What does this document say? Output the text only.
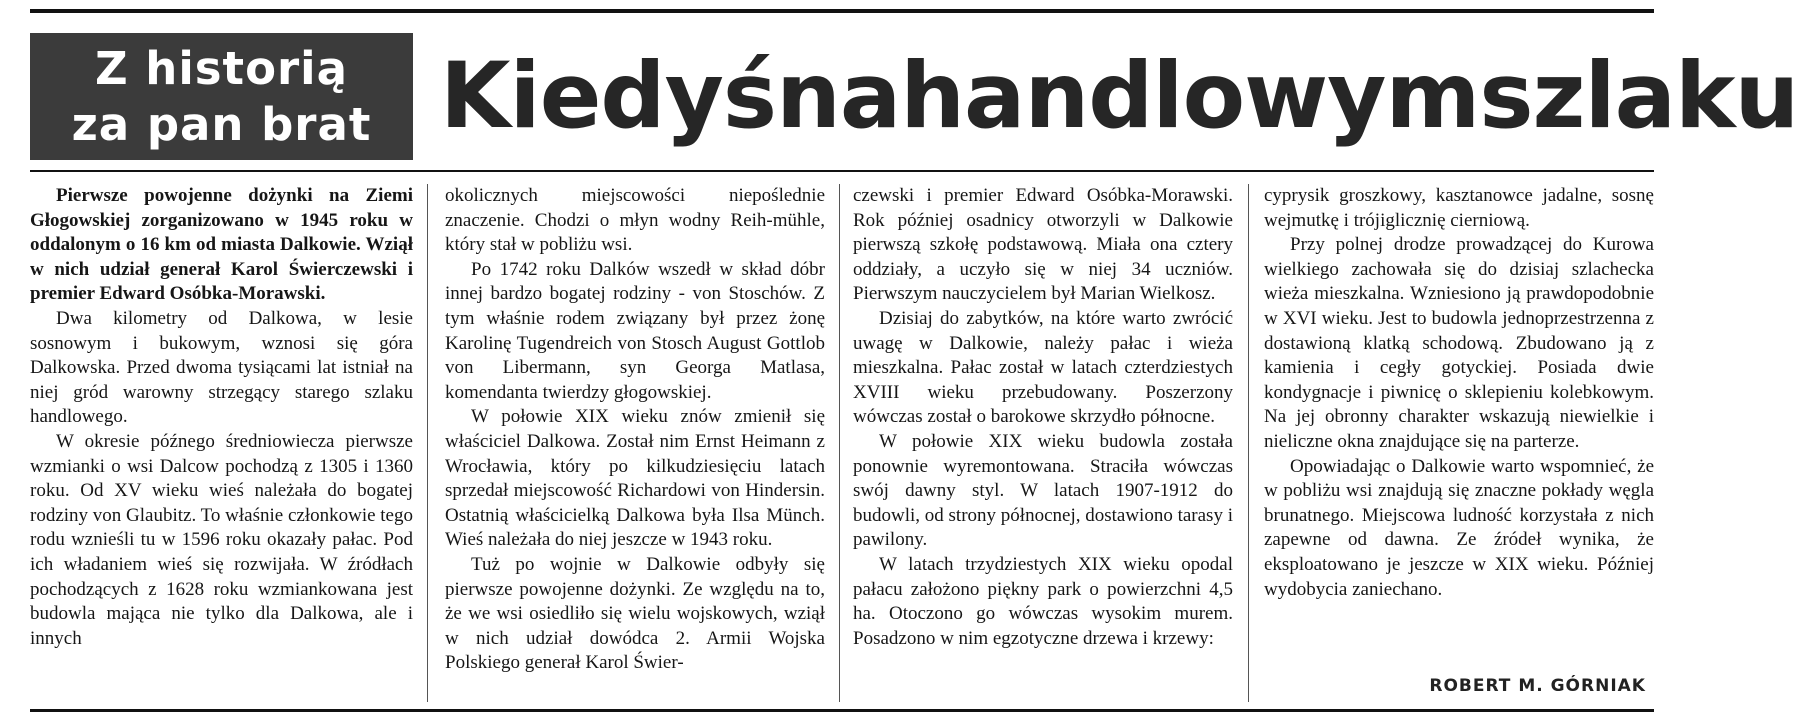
Z historią
za pan brat Kiedyś na handlowym szlaku

Pierwsze powojenne dożynki na Ziemi Głogowskiej zorganizowano w 1945 roku w oddalonym o 16 km od miasta Dalkowie. Wziął w nich udział generał Karol Świerczewski i premier Edward Osóbka-Morawski.

Dwa kilometry od Dalkowa, w lesie sosnowym i bukowym, wznosi się góra Dalkowska. Przed dwoma tysiącami lat istniał na niej gród warowny strzegący starego szlaku handlowego.

W okresie późnego średniowiecza pierwsze wzmianki o wsi Dalcow pochodzą z 1305 i 1360 roku. Od XV wieku wieś należała do bogatej rodziny von Glaubitz. To właśnie członkowie tego rodu wznieśli tu w 1596 roku okazały pałac. Pod ich władaniem wieś się rozwijała. W źródłach pochodzących z 1628 roku wzmiankowana jest budowla mająca nie tylko dla Dalkowa, ale i innych

okolicznych miejscowości niepoślednie znaczenie. Chodzi o młyn wodny Reih-mühle, który stał w pobliżu wsi.

Po 1742 roku Dalków wszedł w skład dóbr innej bardzo bogatej rodziny - von Stoschów. Z tym właśnie rodem związany był przez żonę Karolinę Tugendreich von Stosch August Gottlob von Libermann, syn Georga Matlasa, komendanta twierdzy głogowskiej.

W połowie XIX wieku znów zmienił się właściciel Dalkowa. Został nim Ernst Heimann z Wrocławia, który po kilkudziesięciu latach sprzedał miejscowość Richardowi von Hindersin. Ostatnią właścicielką Dalkowa była Ilsa Münch. Wieś należała do niej jeszcze w 1943 roku.

Tuż po wojnie w Dalkowie odbyły się pierwsze powojenne dożynki. Ze względu na to, że we wsi osiedliło się wielu wojskowych, wziął w nich udział dowódca 2. Armii Wojska Polskiego generał Karol Świer-

czewski i premier Edward Osóbka-Morawski. Rok później osadnicy otworzyli w Dalkowie pierwszą szkołę podstawową. Miała ona cztery oddziały, a uczyło się w niej 34 uczniów. Pierwszym nauczycielem był Marian Wielkosz.

Dzisiaj do zabytków, na które warto zwrócić uwagę w Dalkowie, należy pałac i wieża mieszkalna. Pałac został w latach czterdziestych XVIII wieku przebudowany. Poszerzony wówczas został o barokowe skrzydło północne.

W połowie XIX wieku budowla została ponownie wyremontowana. Straciła wówczas swój dawny styl. W latach 1907-1912 do budowli, od strony północnej, dostawiono tarasy i pawilony.

W latach trzydziestych XIX wieku opodal pałacu założono piękny park o powierzchni 4,5 ha. Otoczono go wówczas wysokim murem. Posadzono w nim egzotyczne drzewa i krzewy:

cyprysik groszkowy, kasztanowce jadalne, sosnę wejmutkę i trójiglicznię cierniową.

Przy polnej drodze prowadzącej do Kurowa wielkiego zachowała się do dzisiaj szlachecka wieża mieszkalna. Wzniesiono ją prawdopodobnie w XVI wieku. Jest to budowla jednoprzestrzenna z dostawioną klatką schodową. Zbudowano ją z kamienia i cegły gotyckiej. Posiada dwie kondygnacje i piwnicę o sklepieniu kolebkowym. Na jej obronny charakter wskazują niewielkie i nieliczne okna znajdujące się na parterze.

Opowiadając o Dalkowie warto wspomnieć, że w pobliżu wsi znajdują się znaczne pokłady węgla brunatnego. Miejscowa ludność korzystała z nich zapewne od dawna. Ze źródeł wynika, że eksploatowano je jeszcze w XIX wieku. Później wydobycia zaniechano.

ROBERT M. GÓRNIAK
